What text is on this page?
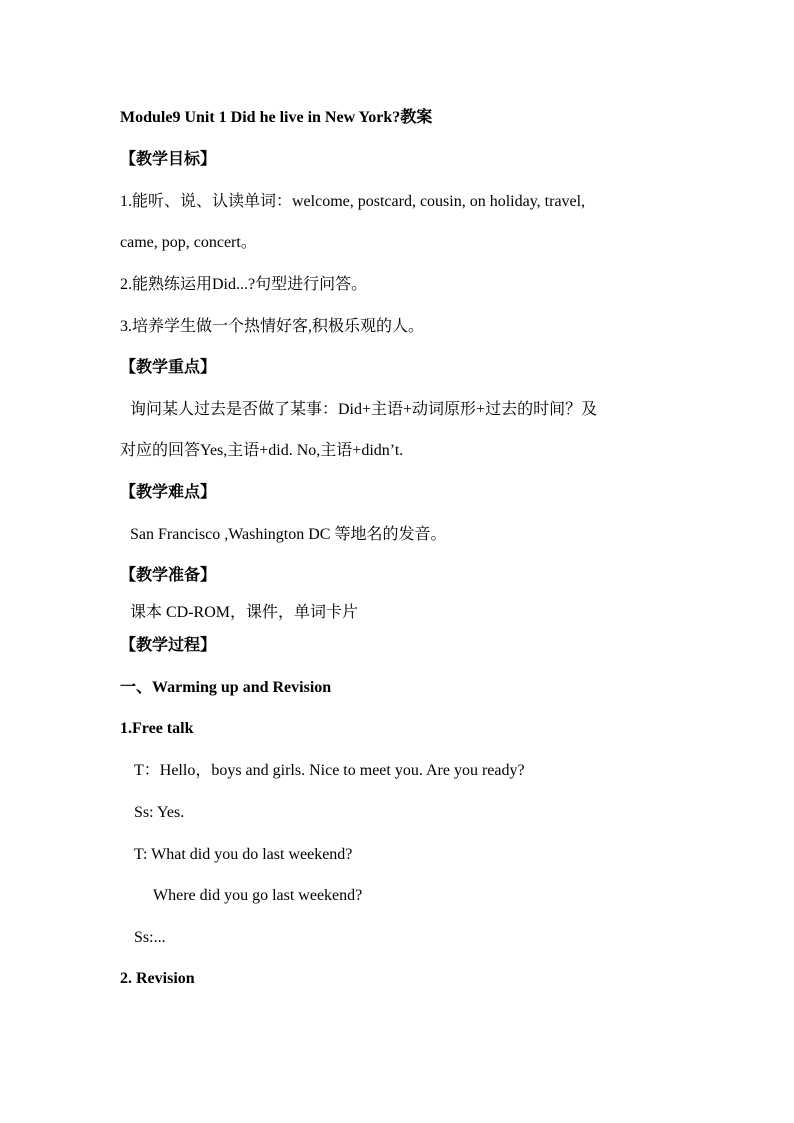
Module9 Unit 1 Did he live in New York?教案
【教学目标】
1.能听、说、认读单词：welcome, postcard, cousin, on holiday, travel,
came, pop, concert。
2.能熟练运用Did...?句型进行问答。
3.培养学生做一个热情好客,积极乐观的人。
【教学重点】
询问某人过去是否做了某事：Did+主语+动词原形+过去的时间？及
对应的回答Yes,主语+did. No,主语+didn’t.
【教学难点】
San Francisco ,Washington DC 等地名的发音。
【教学准备】
课本 CD-ROM，课件，单词卡片
【教学过程】
一、Warming up and Revision
1.Free talk
T：Hello，boys and girls. Nice to meet you. Are you ready?
Ss: Yes.
T: What did you do last weekend?
Where did you go last weekend?
Ss:...
2. Revision
